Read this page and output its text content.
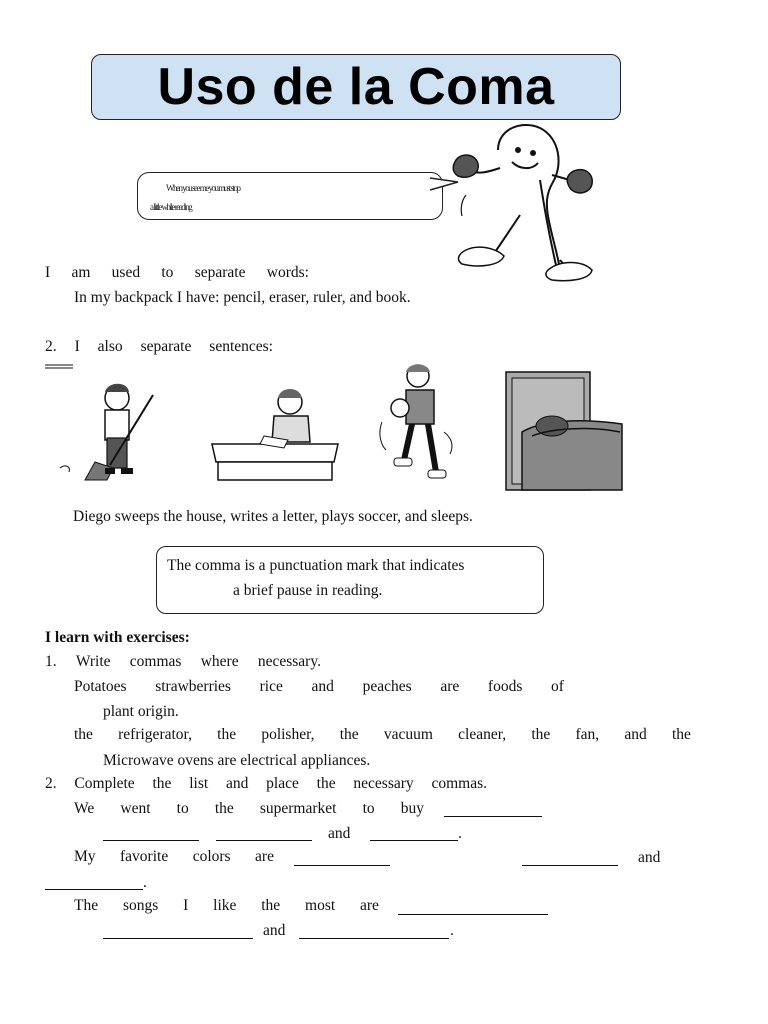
Uso de la Coma
When you see me you must stop
a little while reading
I am used to separate words:
In my backpack I have: pencil, eraser, ruler, and book.
2. I also separate sentences:
Diego sweeps the house, writes a letter, plays soccer, and sleeps.
The comma is a punctuation mark that indicates
a brief pause in reading.
I learn with exercises:
1. Write commas where necessary.
Potatoes strawberries rice and peaches are foods of
plant origin.
the refrigerator, the polisher, the vacuum cleaner, the fan, and the
Microwave ovens are electrical appliances.
2. Complete the list and place the necessary commas.
We went to the supermarket to buy
and	.
My favorite colors are	and
.
The songs I like the most are
and	.
